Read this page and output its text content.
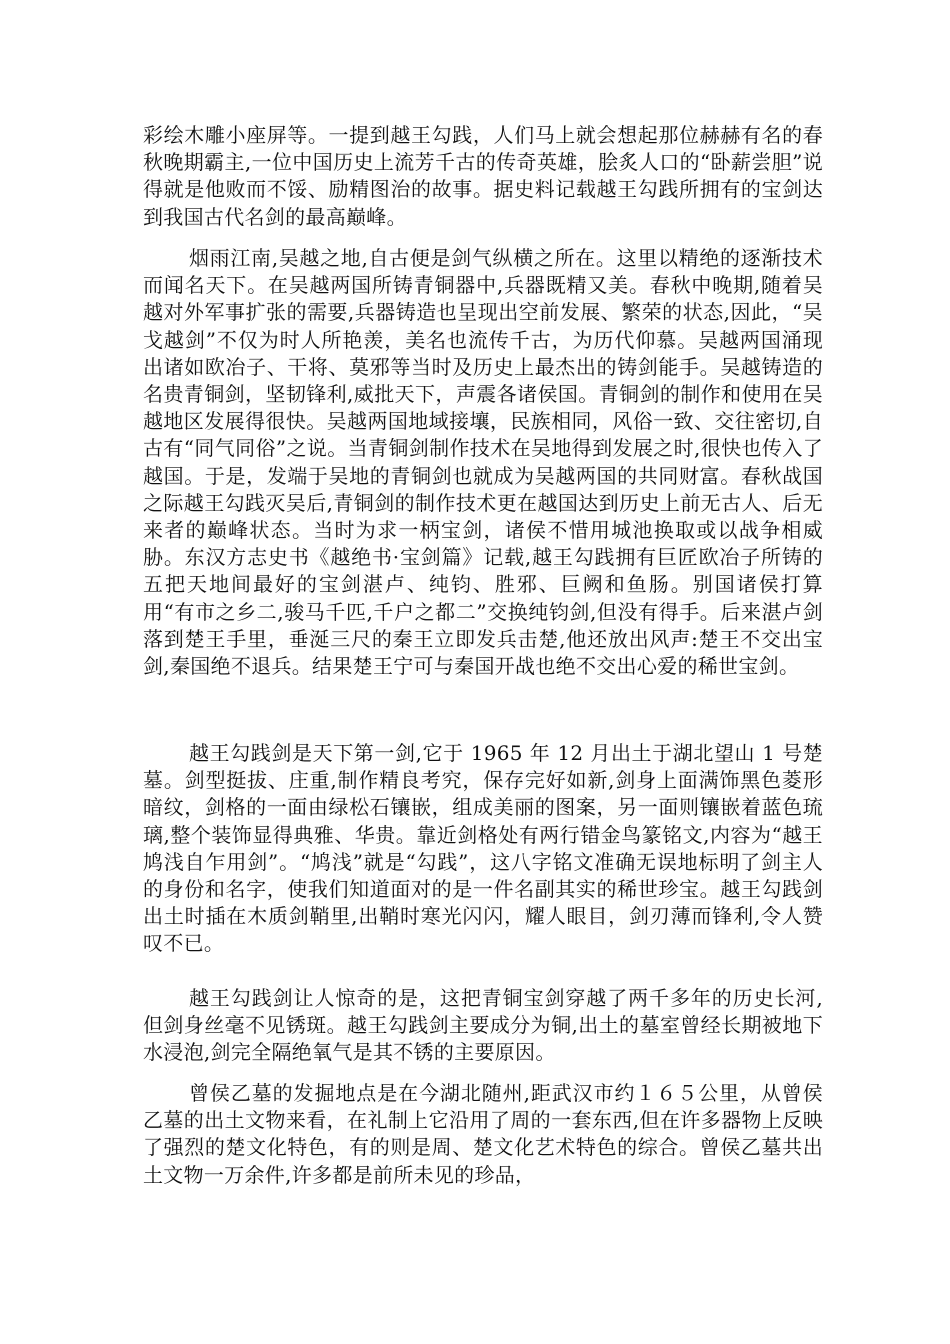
彩绘木雕小座屏等。一提到越王勾践，人们马上就会想起那位赫赫有名的春秋晚期霸主,一位中国历史上流芳千古的传奇英雄，脍炙人口的“卧薪尝胆”说得就是他败而不馁、励精图治的故事。据史料记载越王勾践所拥有的宝剑达到我国古代名剑的最高巅峰。

烟雨江南,吴越之地,自古便是剑气纵横之所在。这里以精绝的逐渐技术而闻名天下。在吴越两国所铸青铜器中,兵器既精又美。春秋中晚期,随着吴越对外军事扩张的需要,兵器铸造也呈现出空前发展、繁荣的状态,因此，“吴戈越剑”不仅为时人所艳羡，美名也流传千古，为历代仰慕。吴越两国涌现出诸如欧冶子、干将、莫邪等当时及历史上最杰出的铸剑能手。吴越铸造的名贵青铜剑，坚韧锋利,威批天下，声震各诸侯国。青铜剑的制作和使用在吴越地区发展得很快。吴越两国地域接壤，民族相同，风俗一致、交往密切,自古有“同气同俗”之说。当青铜剑制作技术在吴地得到发展之时,很快也传入了越国。于是，发端于吴地的青铜剑也就成为吴越两国的共同财富。春秋战国之际越王勾践灭吴后,青铜剑的制作技术更在越国达到历史上前无古人、后无来者的巅峰状态。当时为求一柄宝剑，诸侯不惜用城池换取或以战争相威胁。东汉方志史书《越绝书·宝剑篇》记载,越王勾践拥有巨匠欧冶子所铸的五把天地间最好的宝剑湛卢、纯钧、胜邪、巨阙和鱼肠。别国诸侯打算用“有市之乡二,骏马千匹,千户之都二”交换纯钧剑,但没有得手。后来湛卢剑落到楚王手里，垂涎三尺的秦王立即发兵击楚,他还放出风声:楚王不交出宝剑,秦国绝不退兵。结果楚王宁可与秦国开战也绝不交出心爱的稀世宝剑。

越王勾践剑是天下第一剑,它于 1965 年 12 月出土于湖北望山 1 号楚墓。剑型挺拔、庄重,制作精良考究，保存完好如新,剑身上面满饰黑色菱形暗纹，剑格的一面由绿松石镶嵌，组成美丽的图案，另一面则镶嵌着蓝色琉璃,整个装饰显得典雅、华贵。靠近剑格处有两行错金鸟篆铭文,内容为“越王鸠浅自乍用剑”。“鸠浅”就是“勾践”，这八字铭文准确无误地标明了剑主人的身份和名字，使我们知道面对的是一件名副其实的稀世珍宝。越王勾践剑出土时插在木质剑鞘里,出鞘时寒光闪闪，耀人眼目，剑刃薄而锋利,令人赞叹不已。

越王勾践剑让人惊奇的是，这把青铜宝剑穿越了两千多年的历史长河,但剑身丝毫不见锈斑。越王勾践剑主要成分为铜,出土的墓室曾经长期被地下水浸泡,剑完全隔绝氧气是其不锈的主要原因。

曾侯乙墓的发掘地点是在今湖北随州,距武汉市约１６５公里，从曾侯乙墓的出土文物来看，在礼制上它沿用了周的一套东西,但在许多器物上反映了强烈的楚文化特色，有的则是周、楚文化艺术特色的综合。曾侯乙墓共出土文物一万余件,许多都是前所未见的珍品，
